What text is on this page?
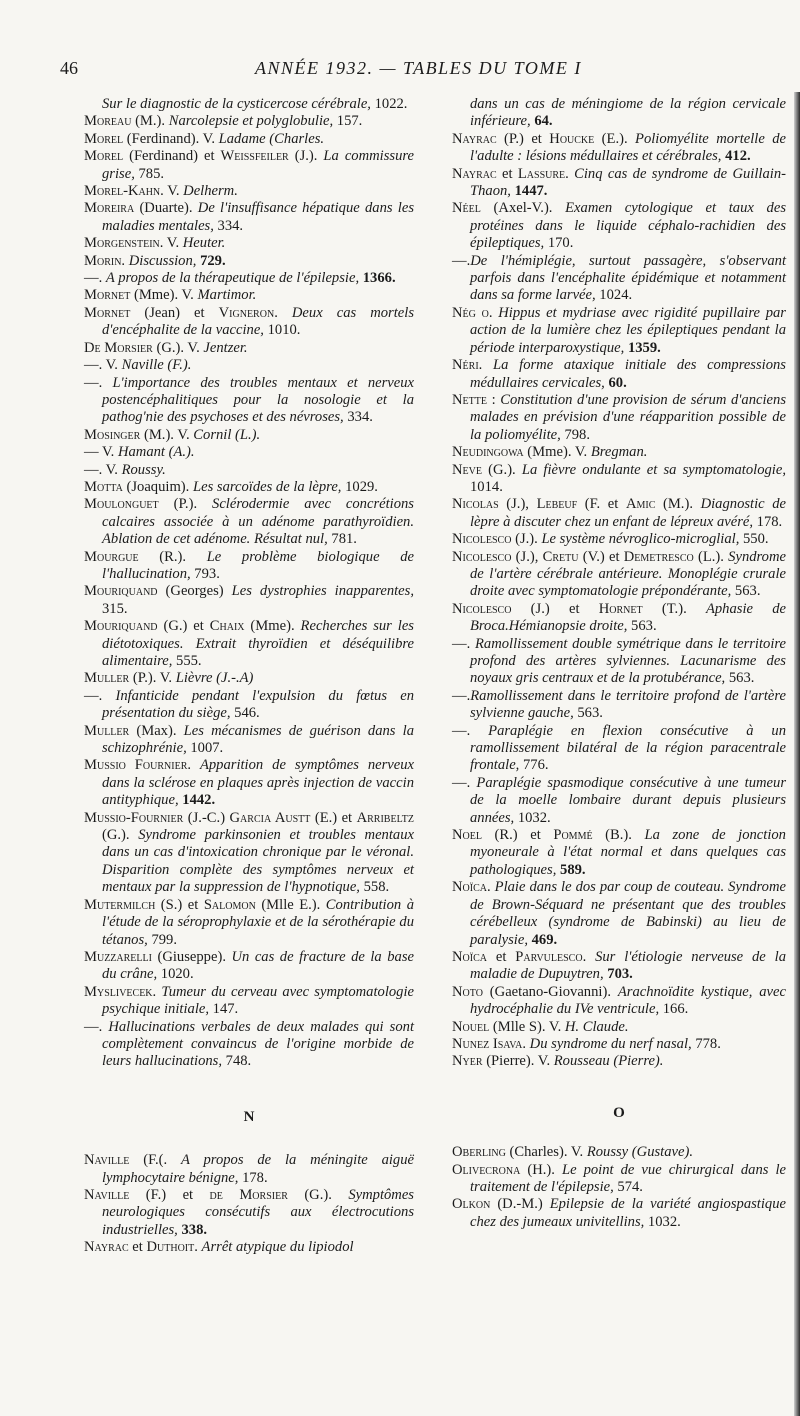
46	ANNÉE 1932. — TABLES DU TOME I

Sur le diagnostic de la cysticercose cérébrale, 1022.

Moreau (M.). Narcolepsie et polyglobulie, 157.

Morel (Ferdinand). V. Ladame (Charles.

Morel (Ferdinand) et Weissfeiler (J.). La commissure grise, 785.

Morel-Kahn. V. Delherm.

Moreira (Duarte). De l'insuffisance hépatique dans les maladies mentales, 334.

Morgenstein. V. Heuter.

Morin. Discussion, 729.

—. A propos de la thérapeutique de l'épilepsie, 1366.

Mornet (Mme). V. Martimor.

Mornet (Jean) et Vigneron. Deux cas mortels d'encéphalite de la vaccine, 1010.

De Morsier (G.). V. Jentzer.

—. V. Naville (F.).

—. L'importance des troubles mentaux et nerveux postencéphalitiques pour la nosologie et la pathog'nie des psychoses et des névroses, 334.

Mosinger (M.). V. Cornil (L.).

— V. Hamant (A.).

—. V. Roussy.

Motta (Joaquim). Les sarcoïdes de la lèpre, 1029.

Moulonguet (P.). Sclérodermie avec concrétions calcaires associée à un adénome parathyroïdien. Ablation de cet adénome. Résultat nul, 781.

Mourgue (R.). Le problème biologique de l'hallucination, 793.

Mouriquand (Georges) Les dystrophies inapparentes, 315.

Mouriquand (G.) et Chaix (Mme). Recherches sur les diétotoxiques. Extrait thyroïdien et déséquilibre alimentaire, 555.

Muller (P.). V. Lièvre (J.-.A)

—. Infanticide pendant l'expulsion du fœtus en présentation du siège, 546.

Muller (Max). Les mécanismes de guérison dans la schizophrénie, 1007.

Mussio Fournier. Apparition de symptômes nerveux dans la sclérose en plaques après injection de vaccin antityphique, 1442.

Mussio-Fournier (J.-C.) Garcia Austt (E.) et Arribeltz (G.). Syndrome parkinsonien et troubles mentaux dans un cas d'intoxication chronique par le véronal. Disparition complète des symptômes nerveux et mentaux par la suppression de l'hypnotique, 558.

Mutermilch (S.) et Salomon (Mlle E.). Contribution à l'étude de la séroprophylaxie et de la sérothérapie du tétanos, 799.

Muzzarelli (Giuseppe). Un cas de fracture de la base du crâne, 1020.

Myslivecek. Tumeur du cerveau avec symptomatologie psychique initiale, 147.

—. Hallucinations verbales de deux malades qui sont complètement convaincus de l'origine morbide de leurs hallucinations, 748.

N

Naville (F.(. A propos de la méningite aiguë lymphocytaire bénigne, 178.

Naville (F.) et de Morsier (G.). Symptômes neurologiques consécutifs aux électrocutions industrielles, 338.

Nayrac et Duthoit. Arrêt atypique du lipiodol

dans un cas de méningiome de la région cervicale inférieure, 64.

Nayrac (P.) et Houcke (E.). Poliomyélite mortelle de l'adulte : lésions médullaires et cérébrales, 412.

Nayrac et Lassure. Cinq cas de syndrome de Guillain-Thaon, 1447.

Néel (Axel-V.). Examen cytologique et taux des protéines dans le liquide céphalo-rachidien des épileptiques, 170.

—.De l'hémiplégie, surtout passagère, s'observant parfois dans l'encéphalite épidémique et notamment dans sa forme larvée, 1024.

Nég o. Hippus et mydriase avec rigidité pupillaire par action de la lumière chez les épileptiques pendant la période interparoxystique, 1359.

Néri. La forme ataxique initiale des compressions médullaires cervicales, 60.

Nette : Constitution d'une provision de sérum d'anciens malades en prévision d'une réapparition possible de la poliomyélite, 798.

Neudingowa (Mme). V. Bregman.

Neve (G.). La fièvre ondulante et sa symptomatologie, 1014.

Nicolas (J.), Lebeuf (F. et Amic (M.). Diagnostic de lèpre à discuter chez un enfant de lépreux avéré, 178.

Nicolesco (J.). Le système névroglico-microglial, 550.

Nicolesco (J.), Cretu (V.) et Demetresco (L.). Syndrome de l'artère cérébrale antérieure. Monoplégie crurale droite avec symptomatologie prépondérante, 563.

Nicolesco (J.) et Hornet (T.). Aphasie de Broca.Hémianopsie droite, 563.

—. Ramollissement double symétrique dans le territoire profond des artères sylviennes. Lacunarisme des noyaux gris centraux et de la protubérance, 563.

—.Ramollissement dans le territoire profond de l'artère sylvienne gauche, 563.

—. Paraplégie en flexion consécutive à un ramollissement bilatéral de la région paracentrale frontale, 776.

—. Paraplégie spasmodique consécutive à une tumeur de la moelle lombaire durant depuis plusieurs années, 1032.

Noel (R.) et Pommé (B.). La zone de jonction myoneurale à l'état normal et dans quelques cas pathologiques, 589.

Noïca. Plaie dans le dos par coup de couteau. Syndrome de Brown-Séquard ne présentant que des troubles cérébelleux (syndrome de Babinski) au lieu de paralysie, 469.

Noïca et Parvulesco. Sur l'étiologie nerveuse de la maladie de Dupuytren, 703.

Noto (Gaetano-Giovanni). Arachnoïdite kystique, avec hydrocéphalie du IVe ventricule, 166.

Nouel (Mlle S). V. H. Claude.

Nunez Isava. Du syndrome du nerf nasal, 778.

Nyer (Pierre). V. Rousseau (Pierre).

O

Oberling (Charles). V. Roussy (Gustave).

Olivecrona (H.). Le point de vue chirurgical dans le traitement de l'épilepsie, 574.

Olkon (D.-M.) Epilepsie de la variété angiospastique chez des jumeaux univitellins, 1032.
